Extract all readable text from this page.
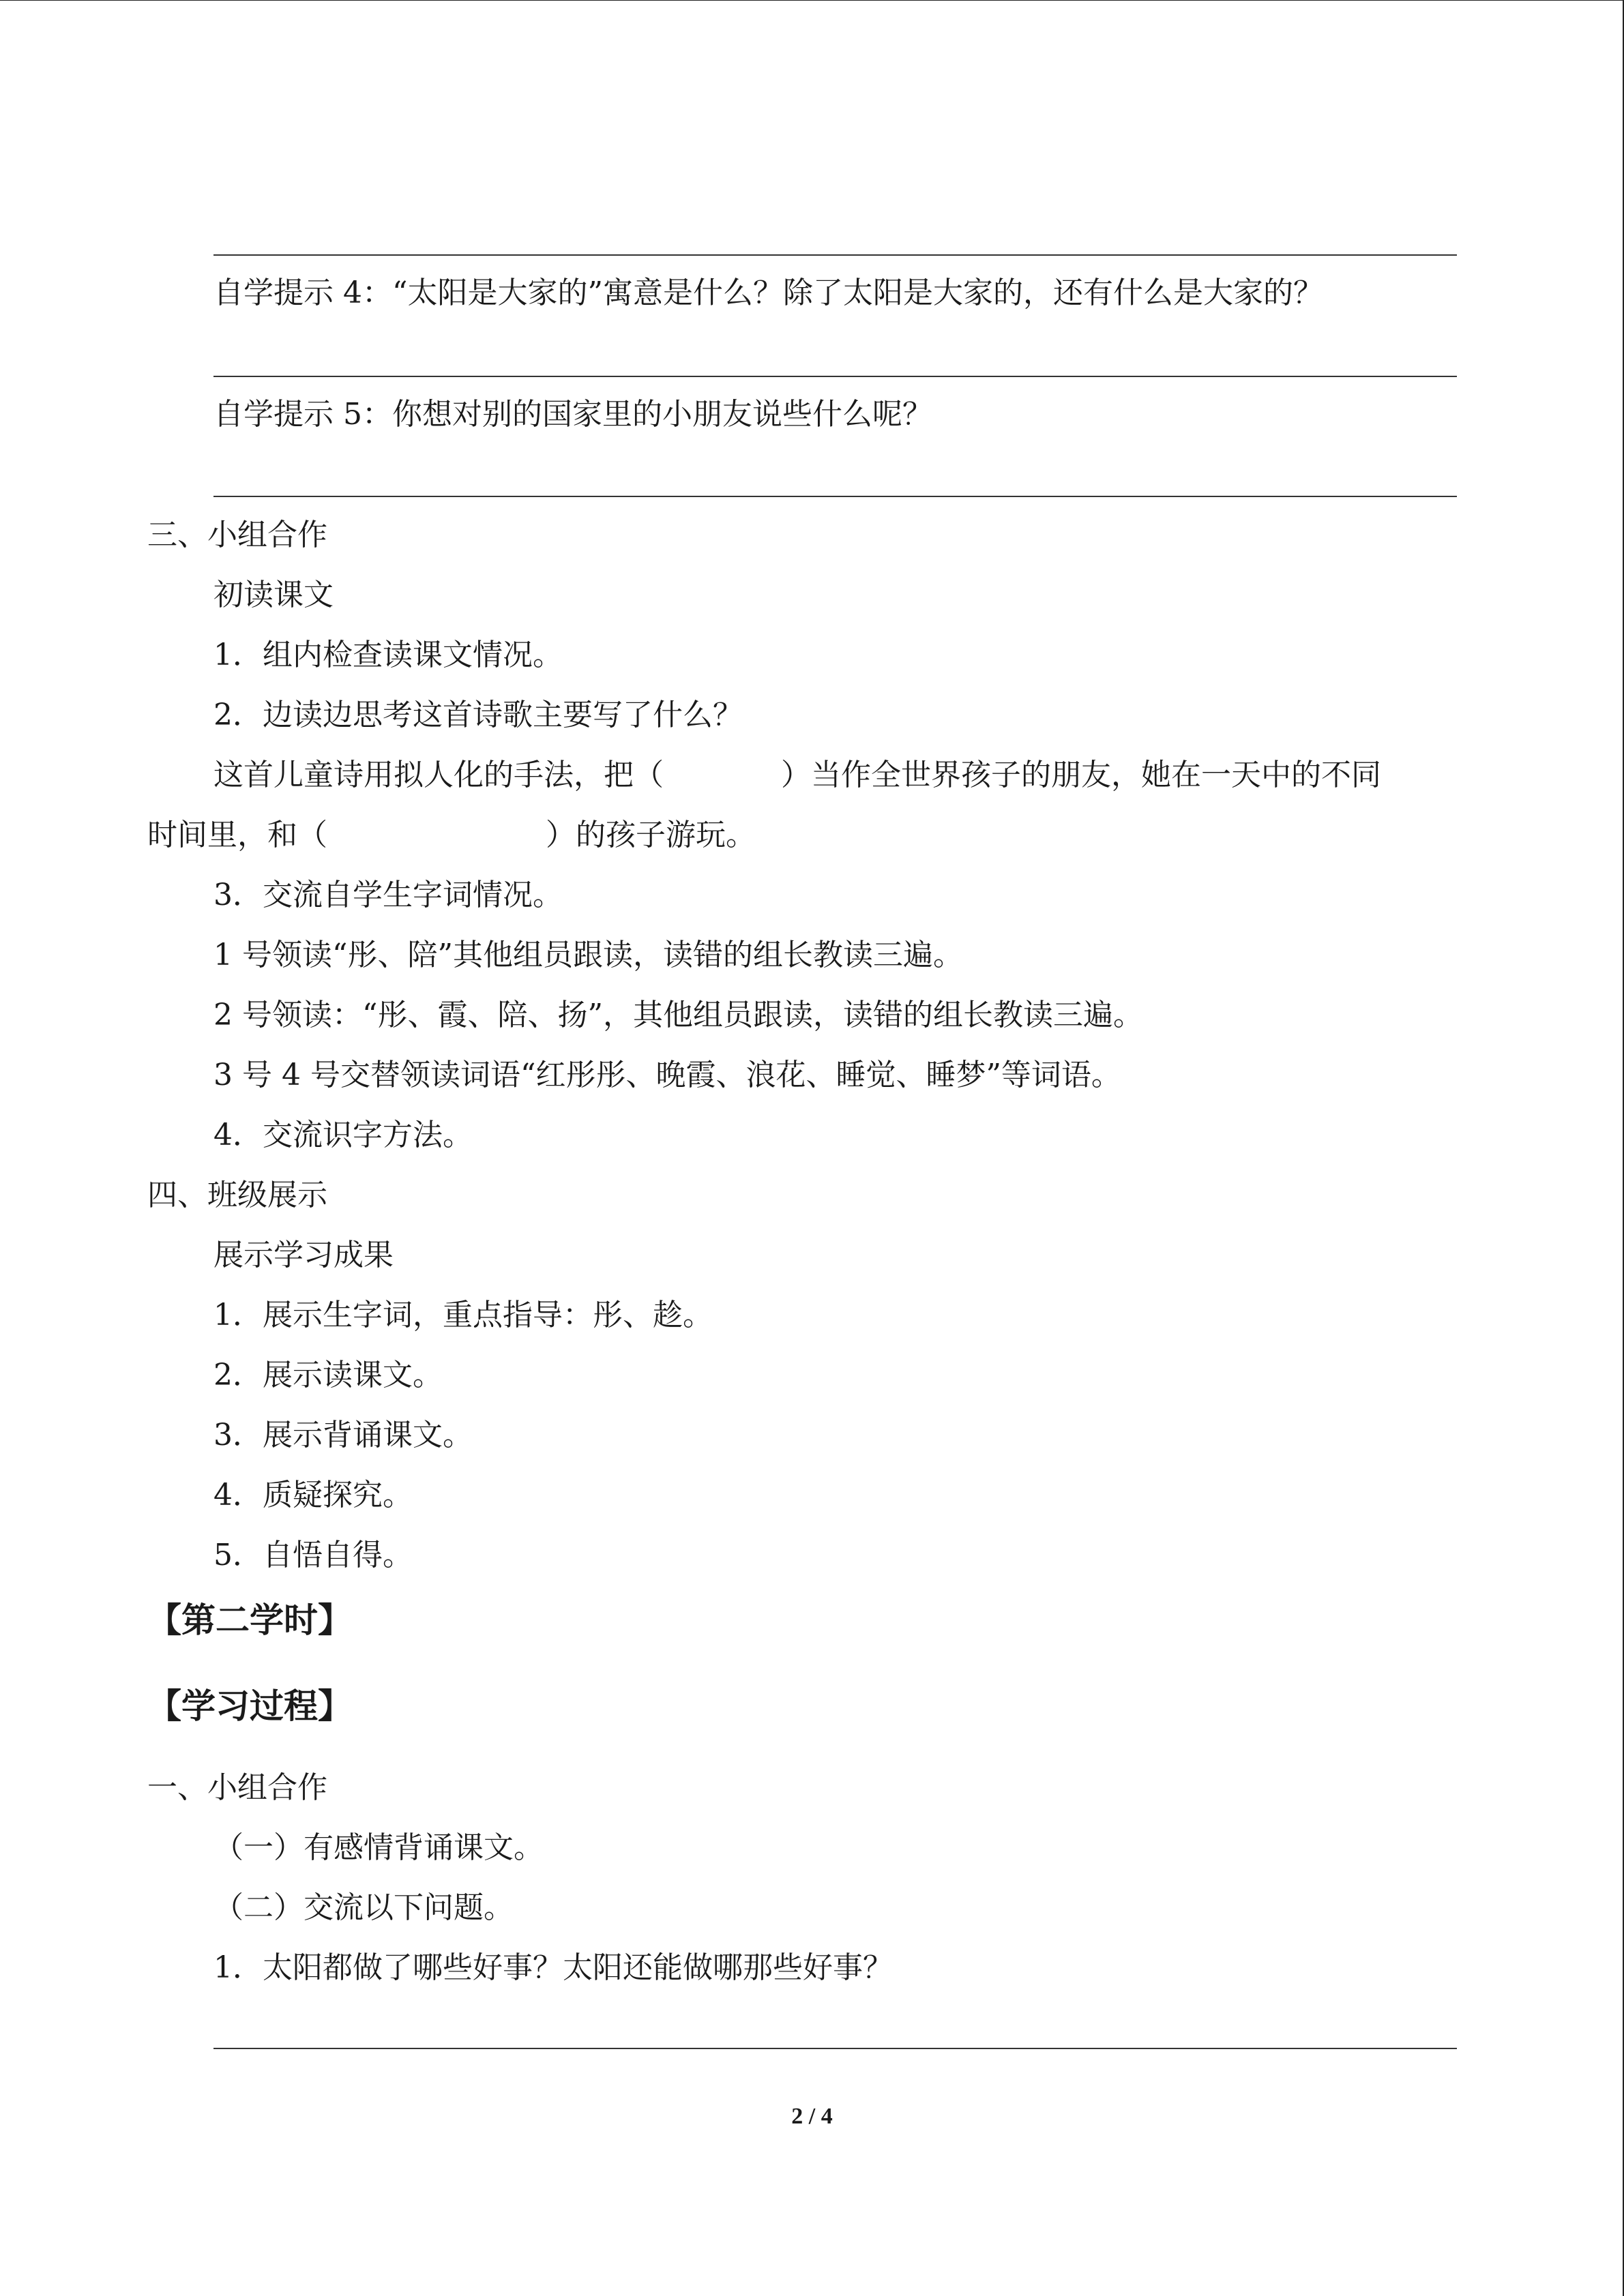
自学提示 4：“太阳是大家的”寓意是什么？除了太阳是大家的，还有什么是大家的？
自学提示 5：你想对别的国家里的小朋友说些什么呢？
三、小组合作
初读课文
1．组内检查读课文情况。
2．边读边思考这首诗歌主要写了什么？
这首儿童诗用拟人化的手法，把（	）当作全世界孩子的朋友，她在一天中的不同
时间里，和（	）的孩子游玩。
3．交流自学生字词情况。
1 号领读“彤、陪”其他组员跟读，读错的组长教读三遍。
2 号领读：“彤、霞、陪、扬”，其他组员跟读，读错的组长教读三遍。
3 号 4 号交替领读词语“红彤彤、晚霞、浪花、睡觉、睡梦”等词语。
4．交流识字方法。
四、班级展示
展示学习成果
1．展示生字词，重点指导：彤、趁。
2．展示读课文。
3．展示背诵课文。
4．质疑探究。
5．自悟自得。
【第二学时】
【学习过程】
一、小组合作
（一）有感情背诵课文。
（二）交流以下问题。
1．太阳都做了哪些好事？太阳还能做哪那些好事？
2 / 4
